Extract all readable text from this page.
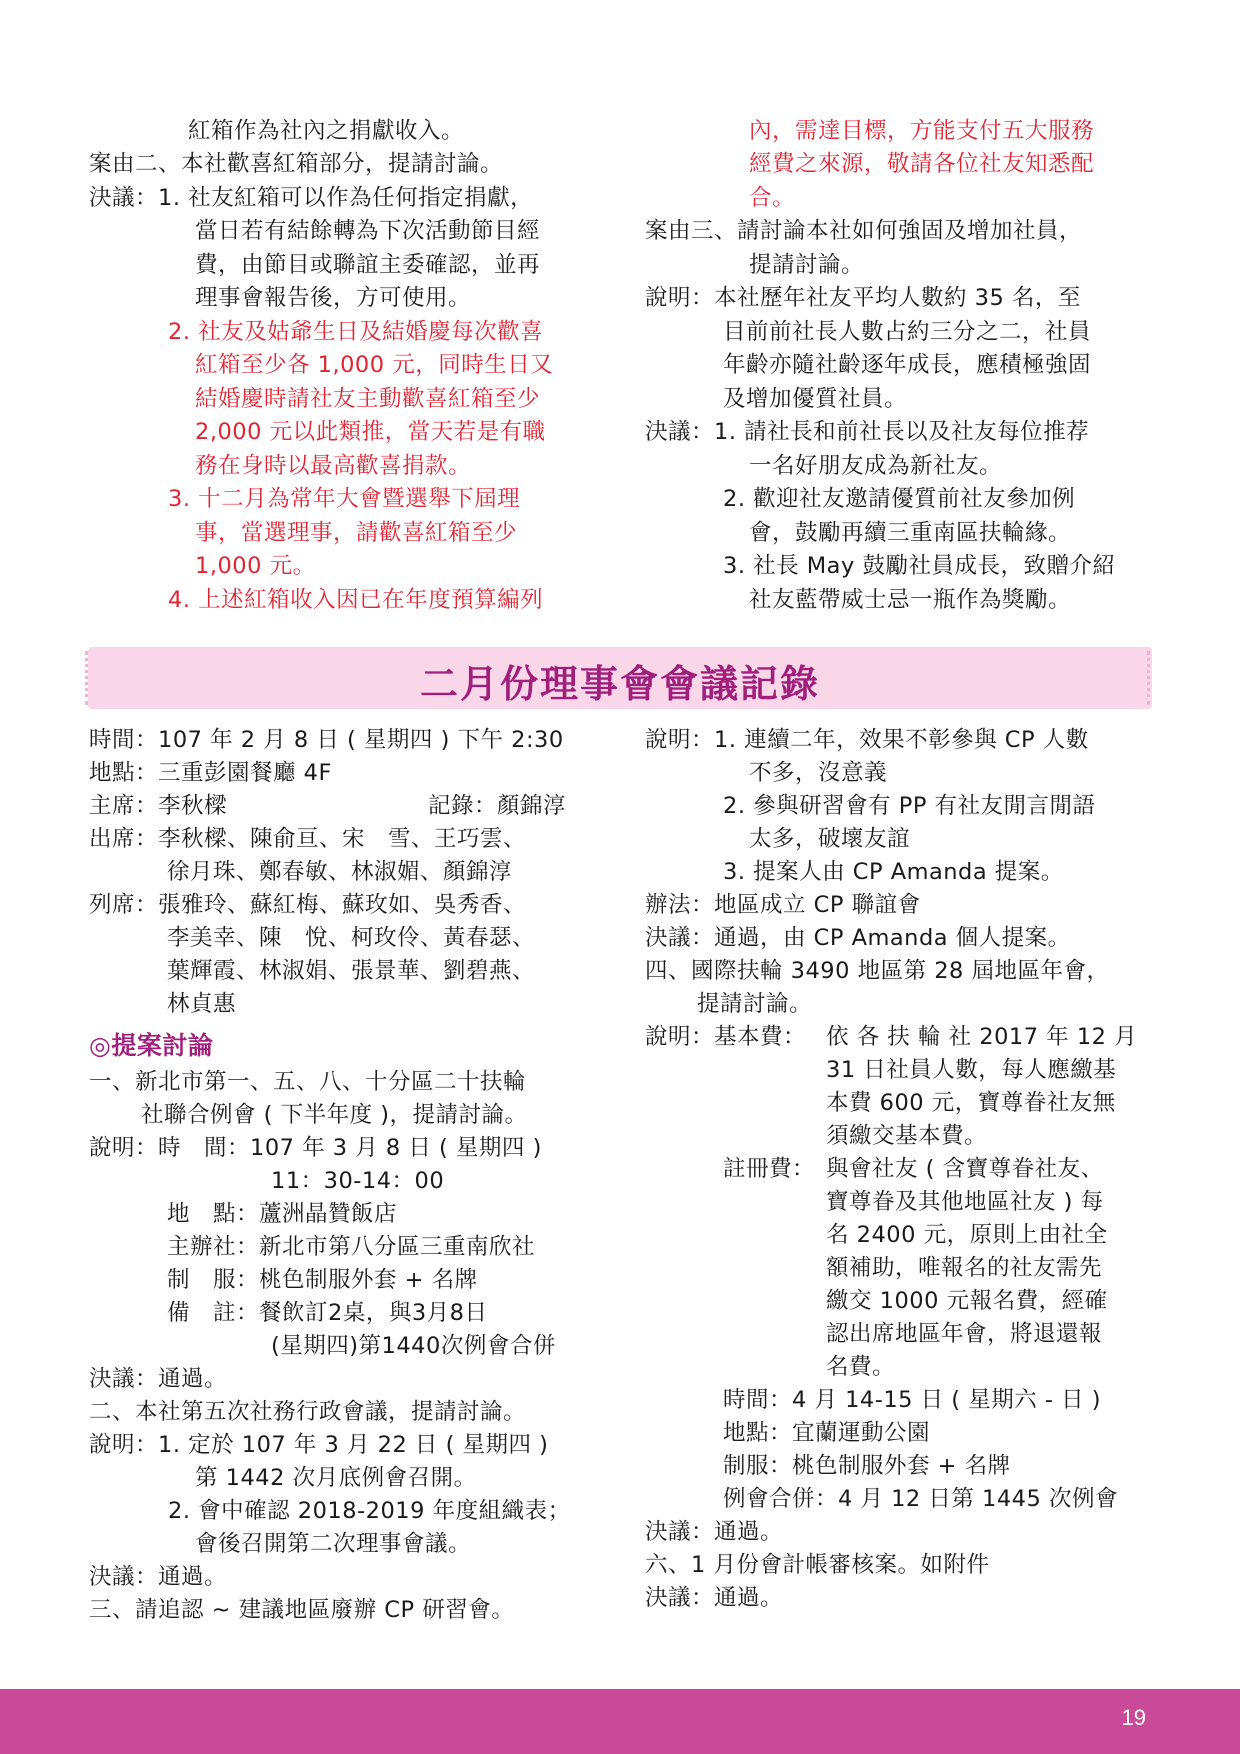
紅箱作為社內之捐獻收入。
案由二、本社歡喜紅箱部分，提請討論。
決議：1. 社友紅箱可以作為任何指定捐獻，
當日若有結餘轉為下次活動節目經
費，由節目或聯誼主委確認，並再
理事會報告後，方可使用。
2. 社友及姑爺生日及結婚慶每次歡喜
紅箱至少各 1,000 元，同時生日又
結婚慶時請社友主動歡喜紅箱至少
2,000 元以此類推，當天若是有職
務在身時以最高歡喜捐款。
3. 十二月為常年大會暨選舉下屆理
事，當選理事，請歡喜紅箱至少
1,000 元。
4. 上述紅箱收入因已在年度預算編列
內，需達目標，方能支付五大服務
經費之來源，敬請各位社友知悉配
合。
案由三、請討論本社如何強固及增加社員，
提請討論。
說明：本社歷年社友平均人數約 35 名，至
目前前社長人數占約三分之二，社員
年齡亦隨社齡逐年成長，應積極強固
及增加優質社員。
決議：1. 請社長和前社長以及社友每位推荐
一名好朋友成為新社友。
2. 歡迎社友邀請優質前社友參加例
會，鼓勵再續三重南區扶輪緣。
3. 社長 May 鼓勵社員成長，致贈介紹
社友藍帶威士忌一瓶作為獎勵。
二月份理事會會議記錄
時間：107 年 2 月 8 日 ( 星期四 ) 下午 2:30
地點：三重彭園餐廳 4F
主席：李秋樑	記錄：顏錦淳
出席：李秋樑、陳俞亘、宋　雪、王巧雲、
徐月珠、鄭春敏、林淑媚、顏錦淳
列席：張雅玲、蘇紅梅、蘇玫如、吳秀香、
李美幸、陳　悅、柯玫伶、黃春瑟、
葉輝霞、林淑娟、張景華、劉碧燕、
林貞惠
◎提案討論
一、新北市第一、五、八、十分區二十扶輪
社聯合例會 ( 下半年度 )，提請討論。
說明：時　間：107 年 3 月 8 日 ( 星期四 )
11：30-14：00
地　點：蘆洲晶贊飯店
主辦社：新北市第八分區三重南欣社
制　服：桃色制服外套 + 名牌
備　註：餐飲訂2桌，與3月8日
(星期四)第1440次例會合併
決議：通過。
二、本社第五次社務行政會議，提請討論。
說明：1. 定於 107 年 3 月 22 日 ( 星期四 )
第 1442 次月底例會召開。
2. 會中確認 2018-2019 年度組織表；
會後召開第二次理事會議。
決議：通過。
三、請追認 ~ 建議地區廢辦 CP 研習會。
說明：1. 連續二年，效果不彰參與 CP 人數
不多，沒意義
2. 參與研習會有 PP 有社友閒言閒語
太多，破壞友誼
3. 提案人由 CP Amanda 提案。
辦法：地區成立 CP 聯誼會
決議：通過，由 CP Amanda 個人提案。
四、國際扶輪 3490 地區第 28 屆地區年會，
提請討論。
說明：基本費： 依 各 扶 輪 社 2017 年 12 月
31 日社員人數，每人應繳基
本費 600 元，寶尊眷社友無
須繳交基本費。
註冊費： 與會社友 ( 含寶尊眷社友、
寶尊眷及其他地區社友 ) 每
名 2400 元，原則上由社全
額補助，唯報名的社友需先
繳交 1000 元報名費，經確
認出席地區年會，將退還報
名費。
時間：4 月 14-15 日 ( 星期六 - 日 )
地點：宜蘭運動公園
制服：桃色制服外套 + 名牌
例會合併：4 月 12 日第 1445 次例會
決議：通過。
六、1 月份會計帳審核案。如附件
決議：通過。
19
